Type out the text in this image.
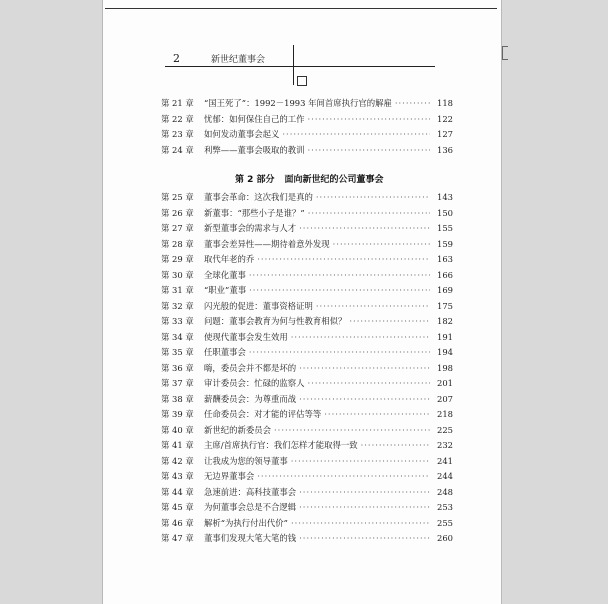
2	新世纪董事会
第 21 章	“国王死了”：1992－1993 年间首席执行官的解雇 ·····	118
第 22 章	忧郁：如何保住自己的工作 ·····	122
第 23 章	如何发动董事会起义 ·····	127
第 24 章	利弊——董事会吸取的教训 ·····	136
第 2 部分 面向新世纪的公司董事会
第 25 章	董事会革命：这次我们是真的 ·····	143
第 26 章	新董事：“那些小子是谁？” ·····	150
第 27 章	新型董事会的需求与人才 ·····	155
第 28 章	董事会差异性——期待着意外发现 ·····	159
第 29 章	取代年老的乔 ·····	163
第 30 章	全球化董事 ·····	166
第 31 章	“职业”董事 ·····	169
第 32 章	闪光般的促进：董事资格证明 ·····	175
第 33 章	问题：董事会教育为何与性教育相似？ ·····	182
第 34 章	使现代董事会发生效用 ·····	191
第 35 章	任职董事会 ·····	194
第 36 章	嗨，委员会并不都是坏的 ·····	198
第 37 章	审计委员会：忙碌的监察人 ·····	201
第 38 章	薪酬委员会：为尊重而战 ·····	207
第 39 章	任命委员会：对才能的评估等等 ·····	218
第 40 章	新世纪的新委员会 ·····	225
第 41 章	主席/首席执行官：我们怎样才能取得一致 ·····	232
第 42 章	让我成为您的领导董事 ·····	241
第 43 章	无边界董事会 ·····	244
第 44 章	急速前进：高科技董事会 ·····	248
第 45 章	为何董事会总是不合逻辑 ·····	253
第 46 章	解析“为执行付出代价” ·····	255
第 47 章	董事们发现大笔大笔的钱 ·····	260
